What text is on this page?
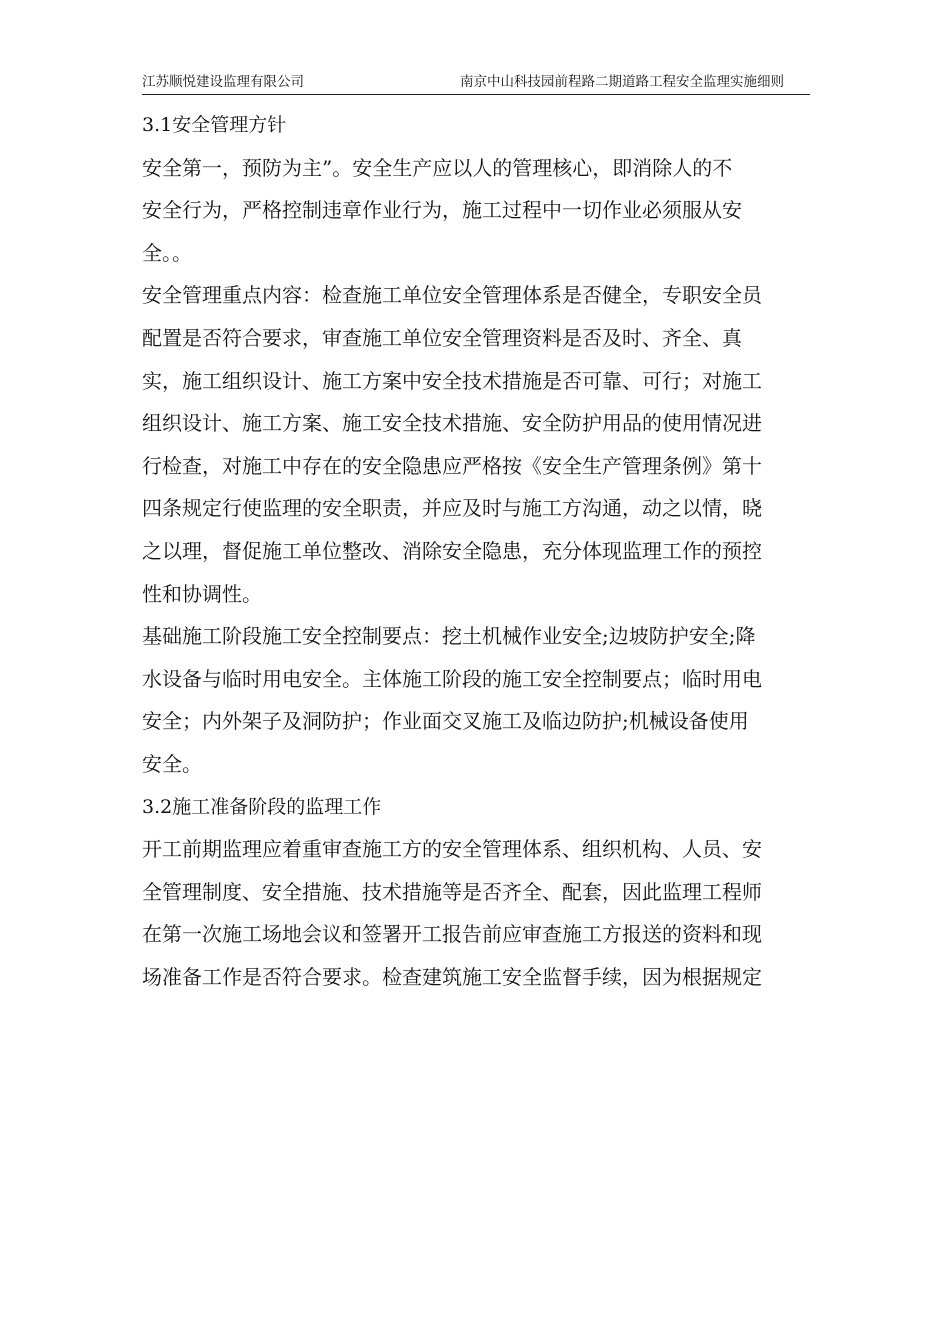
江苏顺悦建设监理有限公司	南京中山科技园前程路二期道路工程安全监理实施细则
3.1安全管理方针
安全第一，预防为主”。安全生产应以人的管理核心，即消除人的不
安全行为，严格控制违章作业行为，施工过程中一切作业必须服从安
全。。
安全管理重点内容：检查施工单位安全管理体系是否健全，专职安全员
配置是否符合要求，审查施工单位安全管理资料是否及时、齐全、真
实，施工组织设计、施工方案中安全技术措施是否可靠、可行；对施工
组织设计、施工方案、施工安全技术措施、安全防护用品的使用情况进
行检查，对施工中存在的安全隐患应严格按《安全生产管理条例》第十
四条规定行使监理的安全职责，并应及时与施工方沟通，动之以情，晓
之以理，督促施工单位整改、消除安全隐患，充分体现监理工作的预控
性和协调性。
基础施工阶段施工安全控制要点：挖土机械作业安全;边坡防护安全;降
水设备与临时用电安全。主体施工阶段的施工安全控制要点；临时用电
安全；内外架子及洞防护；作业面交叉施工及临边防护;机械设备使用
安全。
3.2施工准备阶段的监理工作
开工前期监理应着重审查施工方的安全管理体系、组织机构、人员、安
全管理制度、安全措施、技术措施等是否齐全、配套，因此监理工程师
在第一次施工场地会议和签署开工报告前应审查施工方报送的资料和现
场准备工作是否符合要求。检查建筑施工安全监督手续，因为根据规定
